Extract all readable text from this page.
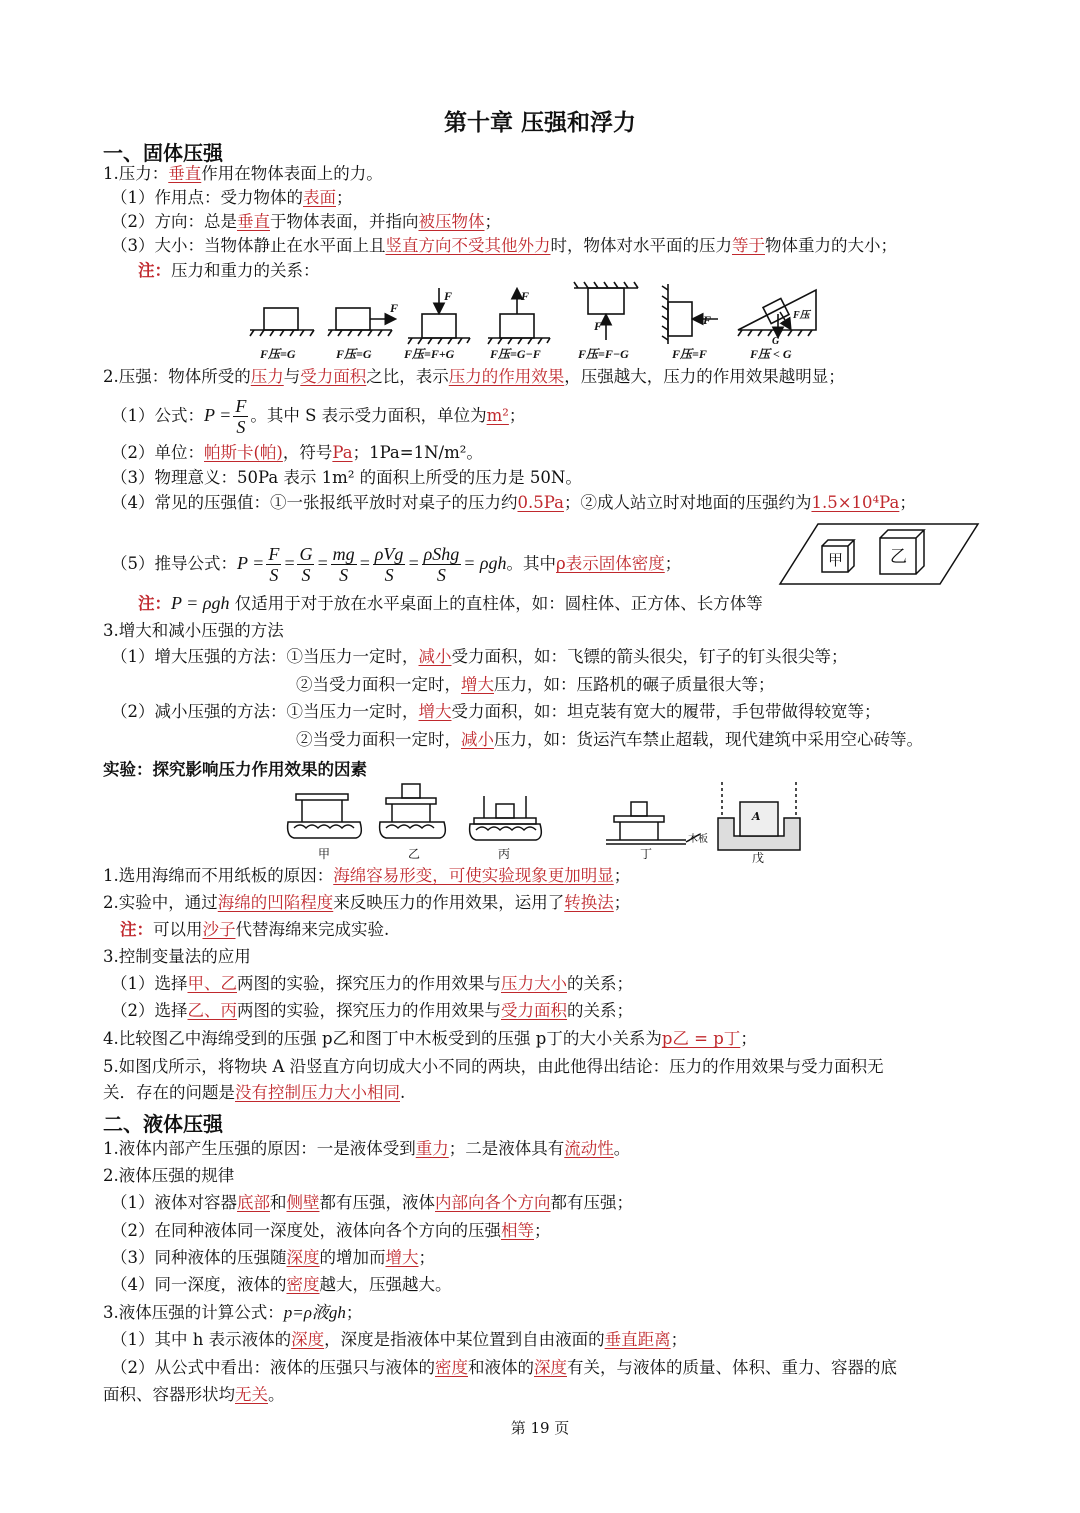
第十章 压强和浮力
一、固体压强
1.压力：垂直作用在物体表面上的力。
（1）作用点：受力物体的表面；
（2）方向：总是垂直于物体表面，并指向被压物体；
（3）大小：当物体静止在水平面上且竖直方向不受其他外力时，物体对水平面的压力等于物体重力的大小；
注：压力和重力的关系：
F
F	F
F	F	F压
G
F压=G	F压=G	F压=F+G	F压=G−F	F压=F−G	F压=F	F压 < G
2.压强：物体所受的压力与受力面积之比，表示压力的作用效果，压强越大，压力的作用效果越明显；
（1）公式：$P = \frac{F}{S}$ 。其中 S 表示受力面积，单位为m²；
（2）单位：帕斯卡(帕)，符号Pa；1Pa=1N/m²。
（3）物理意义：50Pa 表示 1m² 的面积上所受的压力是 50N。
（4）常见的压强值：①一张报纸平放时对桌子的压力约0.5Pa；②成人站立时对地面的压强约为1.5×10⁴Pa；
（5）推导公式：$P = \frac{F}{S} = \frac{G}{S} = \frac{mg}{S} = \frac{\text{ρVg}}{S} = \frac{\text{ρShg}}{S} = \rho gh$。其中ρ表示固体密度；	甲	乙
注：P = ρgh 仅适用于对于放在水平桌面上的直柱体，如：圆柱体、正方体、长方体等
3.增大和减小压强的方法
（1）增大压强的方法：①当压力一定时，减小受力面积，如：飞镖的箭头很尖，钉子的钉头很尖等；
②当受力面积一定时，增大压力，如：压路机的碾子质量很大等；
（2）减小压强的方法：①当压力一定时，增大受力面积，如：坦克装有宽大的履带，手包带做得较宽等；
②当受力面积一定时，减小压力，如：货运汽车禁止超载，现代建筑中采用空心砖等。
实验：探究影响压力作用效果的因素
甲	乙	丙	丁	戊
木板
A
1.选用海绵而不用纸板的原因：海绵容易形变，可使实验现象更加明显；
2.实验中，通过海绵的凹陷程度来反映压力的作用效果，运用了转换法；
注：可以用沙子代替海绵来完成实验.
3.控制变量法的应用
（1）选择甲、乙两图的实验，探究压力的作用效果与压力大小的关系；
（2）选择乙、丙两图的实验，探究压力的作用效果与受力面积的关系；
4.比较图乙中海绵受到的压强 p乙和图丁中木板受到的压强 p丁的大小关系为p乙 = p丁；
5.如图戊所示，将物块 A 沿竖直方向切成大小不同的两块，由此他得出结论：压力的作用效果与受力面积无
关．存在的问题是没有控制压力大小相同.
二、液体压强
1.液体内部产生压强的原因：一是液体受到重力；二是液体具有流动性。
2.液体压强的规律
（1）液体对容器底部和侧壁都有压强，液体内部向各个方向都有压强；
（2）在同种液体同一深度处，液体向各个方向的压强相等；
（3）同种液体的压强随深度的增加而增大；
（4）同一深度，液体的密度越大，压强越大。
3.液体压强的计算公式：p=ρ液gh；
（1）其中 h 表示液体的深度，深度是指液体中某位置到自由液面的垂直距离；
（2）从公式中看出：液体的压强只与液体的密度和液体的深度有关，与液体的质量、体积、重力、容器的底
面积、容器形状均无关。
第 19 页
